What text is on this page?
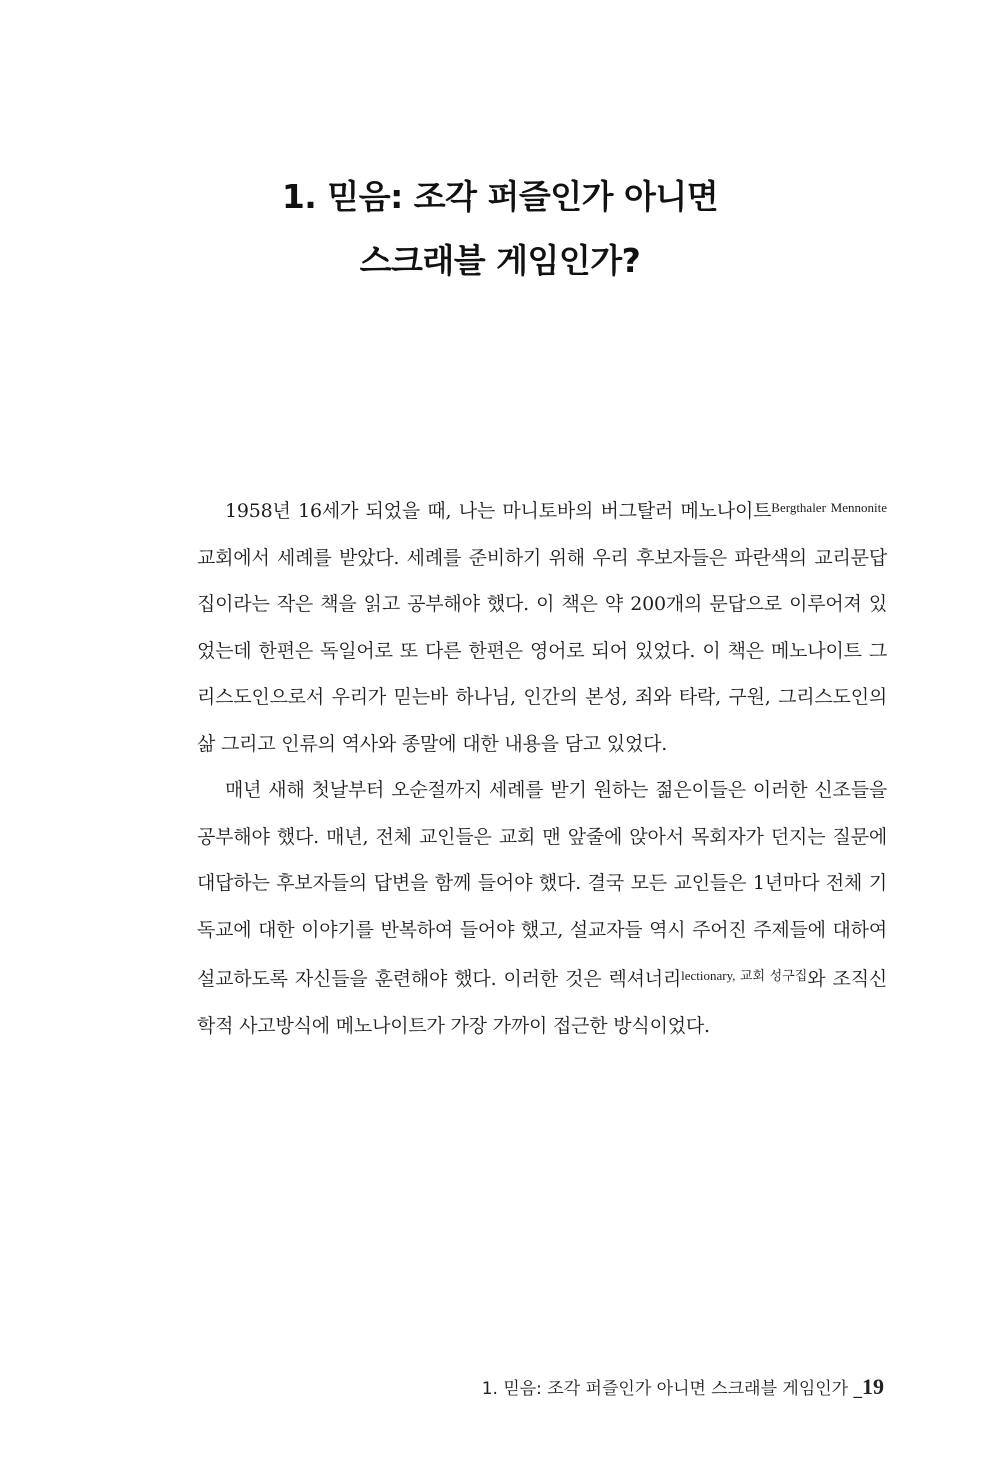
1. 믿음: 조각 퍼즐인가 아니면
스크래블 게임인가?

1958년 16세가 되었을 때, 나는 마니토바의 버그탈러 메노나이트$^{Bergthaler Mennonite}$ 교회에서 세례를 받았다. 세례를 준비하기 위해 우리 후보자들은 파란색의 교리문답집이라는 작은 책을 읽고 공부해야 했다. 이 책은 약 200개의 문답으로 이루어져 있었는데 한편은 독일어로 또 다른 한편은 영어로 되어 있었다. 이 책은 메노나이트 그리스도인으로서 우리가 믿는바 하나님, 인간의 본성, 죄와 타락, 구원, 그리스도인의 삶 그리고 인류의 역사와 종말에 대한 내용을 담고 있었다.

매년 새해 첫날부터 오순절까지 세례를 받기 원하는 젊은이들은 이러한 신조들을 공부해야 했다. 매년, 전체 교인들은 교회 맨 앞줄에 앉아서 목회자가 던지는 질문에 대답하는 후보자들의 답변을 함께 들어야 했다. 결국 모든 교인들은 1년마다 전체 기독교에 대한 이야기를 반복하여 들어야 했고, 설교자들 역시 주어진 주제들에 대하여 설교하도록 자신들을 훈련해야 했다. 이러한 것은 렉셔너리$^{lectionary, 교회 성구집}$와 조직신학적 사고방식에 메노나이트가 가장 가까이 접근한 방식이었다.

1. 믿음: 조각 퍼즐인가 아니면 스크래블 게임인가 _19
